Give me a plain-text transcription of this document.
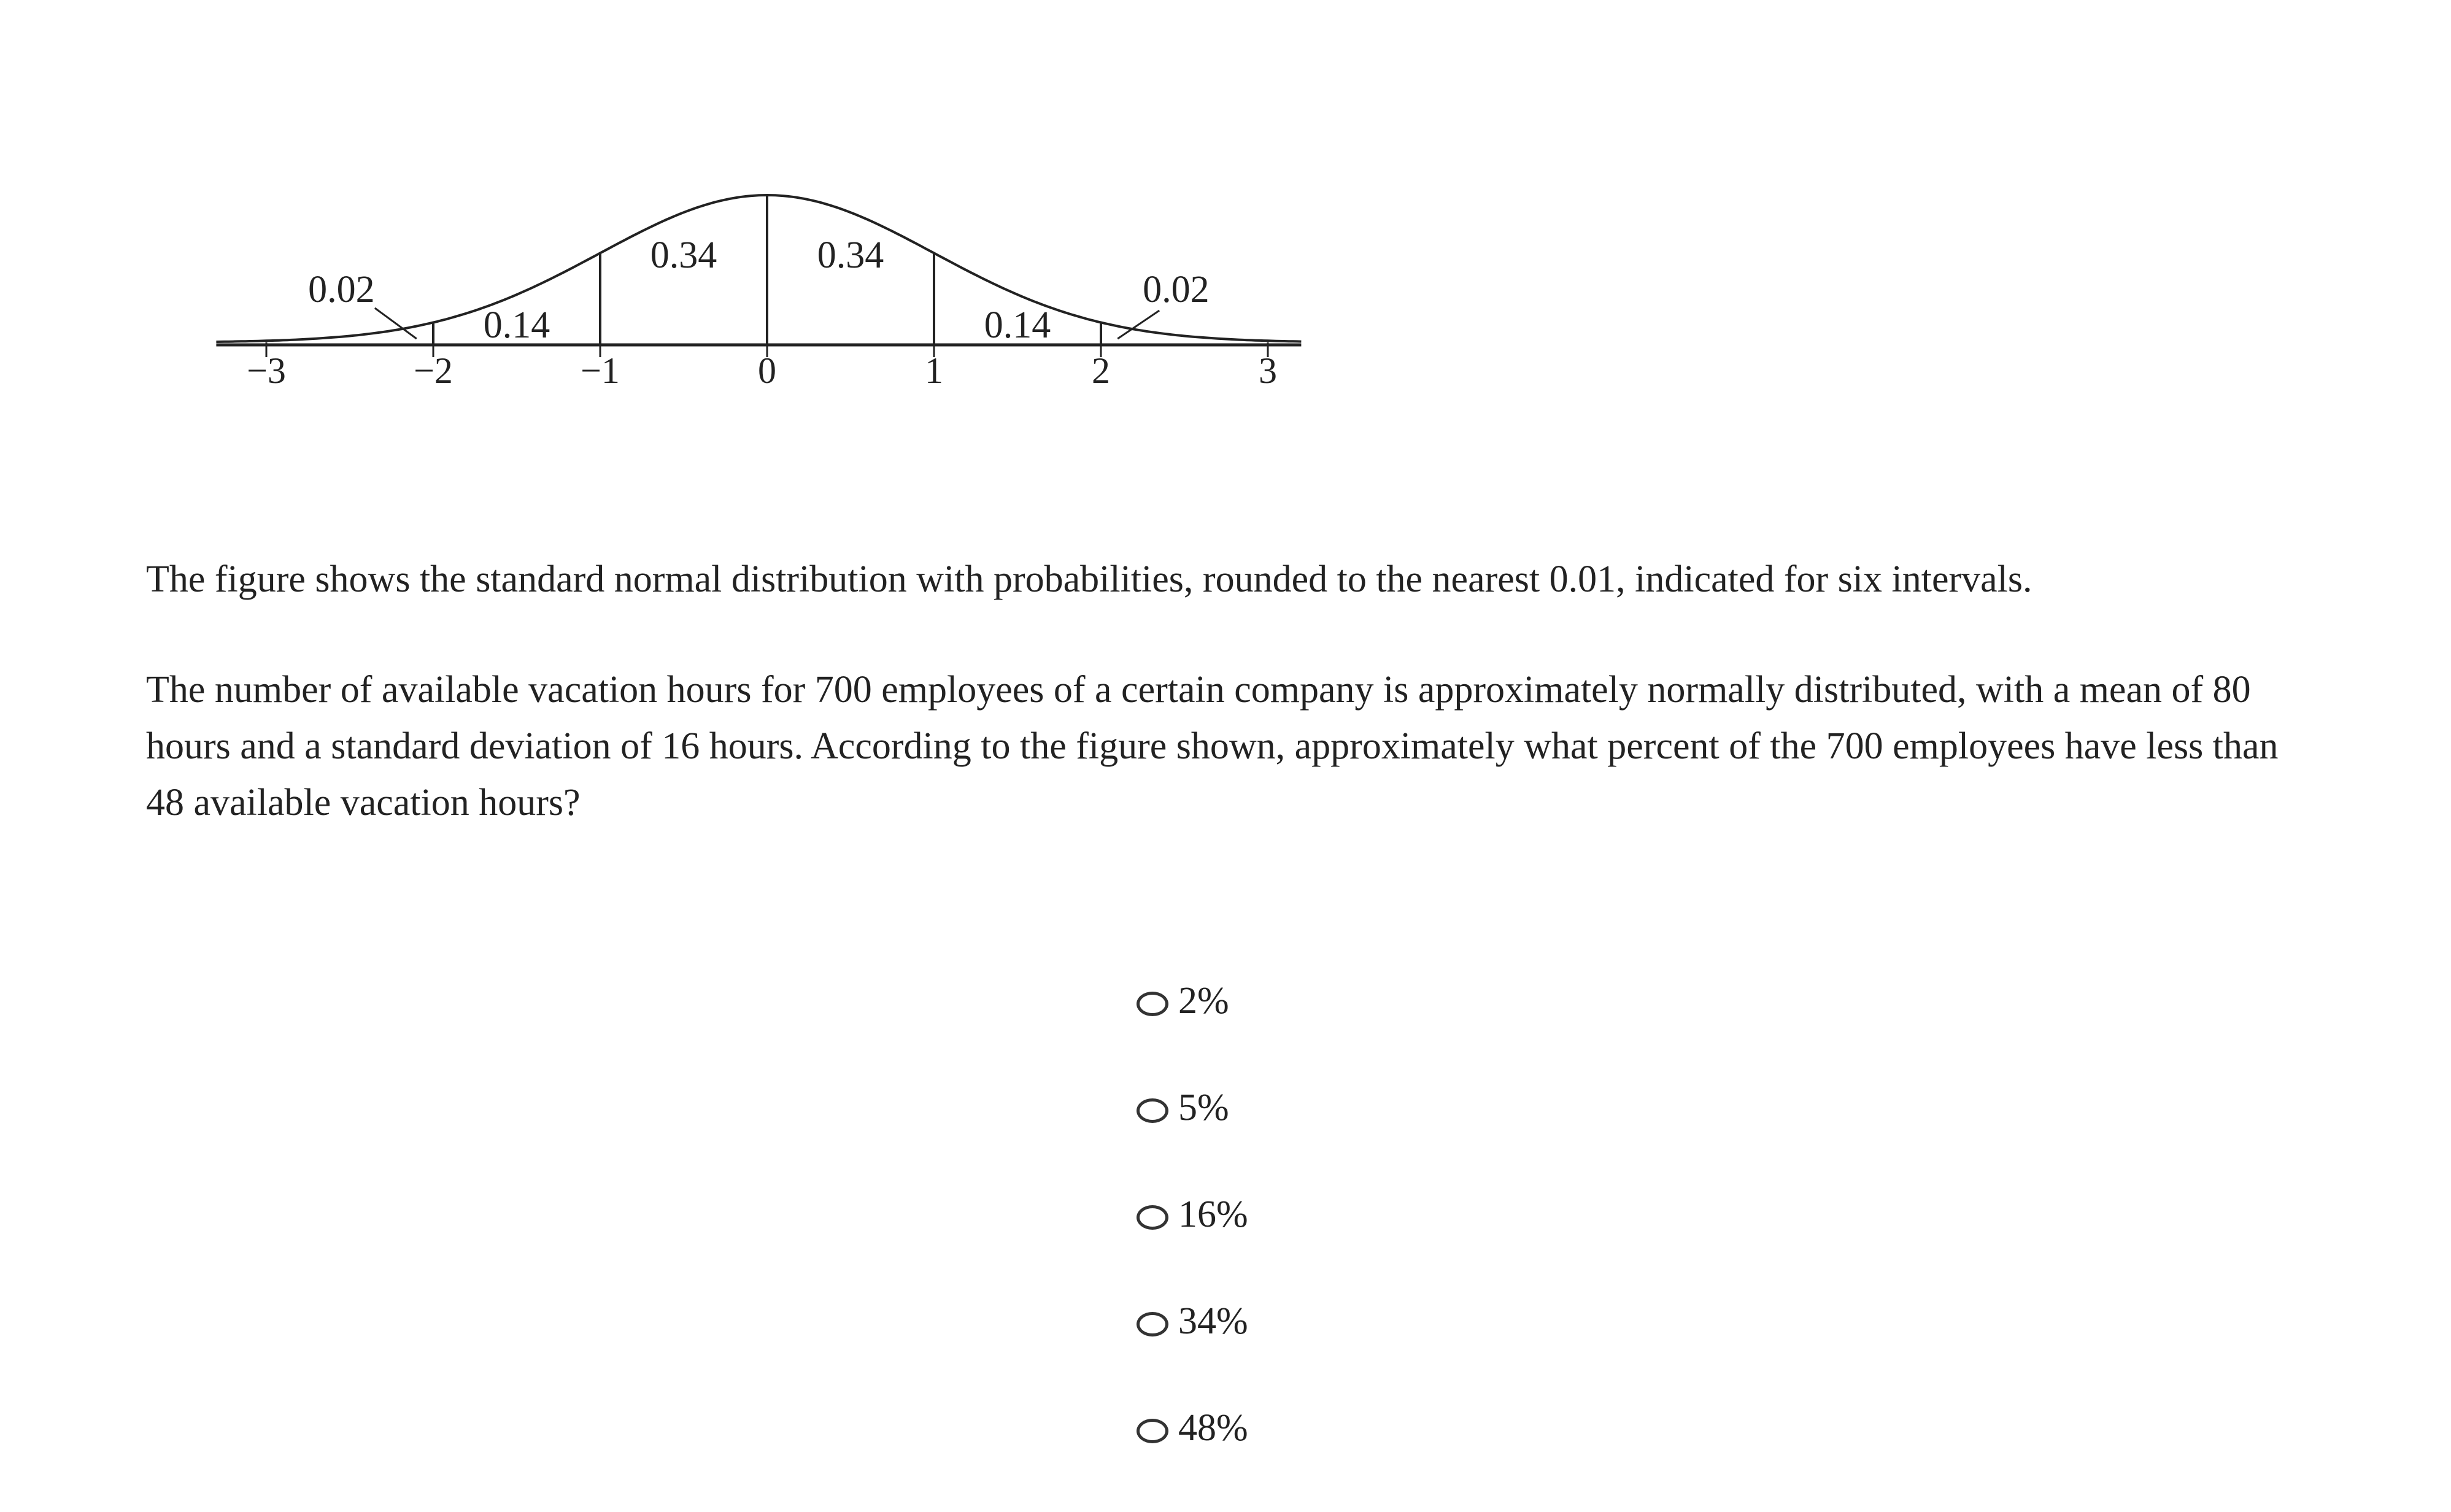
−3	−2	−1	0	1	2	3
0.02
0.14
0.34	0.34
0.14
0.02

The figure shows the standard normal distribution with probabilities, rounded to the nearest 0.01, indicated for six intervals.

The number of available vacation hours for 700 employees of a certain company is approximately normally distributed, with a mean of 80 hours and a standard deviation of 16 hours. According to the figure shown, approximately what percent of the 700 employees have less than 48 available vacation hours?

2%
5%
16%
34%
48%
